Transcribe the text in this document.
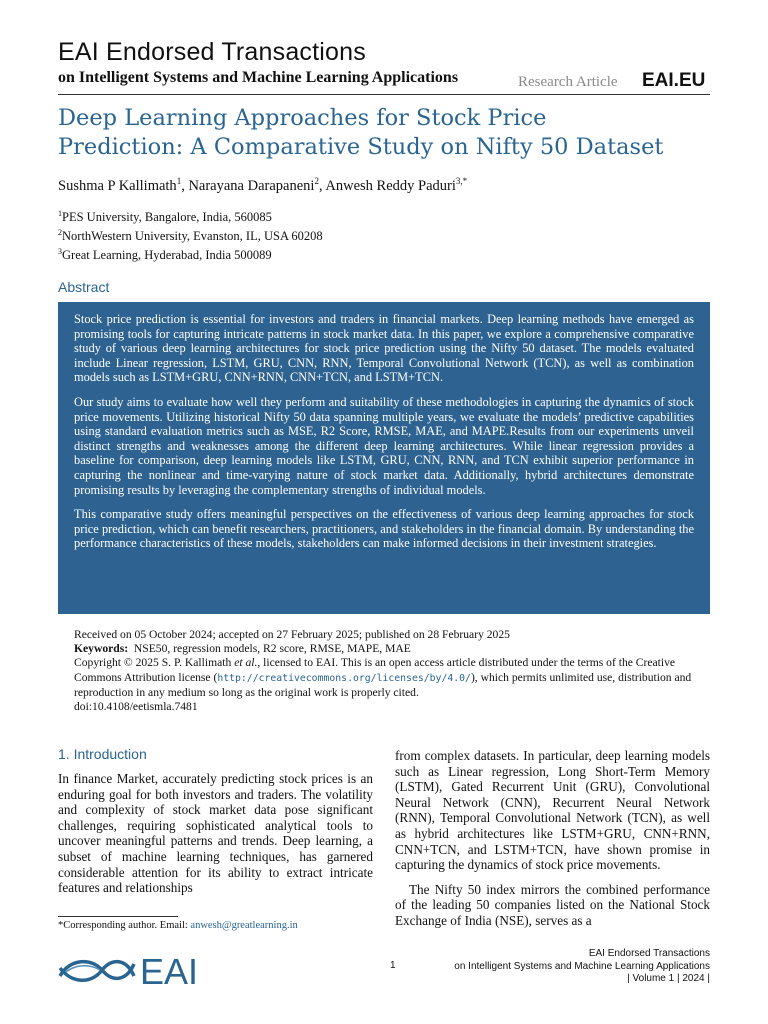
EAI Endorsed Transactions
on Intelligent Systems and Machine Learning Applications	Research Article EAI.EU
Deep Learning Approaches for Stock Price
Prediction: A Comparative Study on Nifty 50 Dataset
Sushma P Kallimath$^1$, Narayana Darapaneni$^2$, Anwesh Reddy Paduri$^{3,*}$
$^1$PES University, Bangalore, India, 560085
$^2$NorthWestern University, Evanston, IL, USA 60208
$^3$Great Learning, Hyderabad, India 500089
Abstract

Stock price prediction is essential for investors and traders in financial markets. Deep learning methods have emerged as promising tools for capturing intricate patterns in stock market data. In this paper, we explore a comprehensive comparative study of various deep learning architectures for stock price prediction using the Nifty 50 dataset. The models evaluated include Linear regression, LSTM, GRU, CNN, RNN, Temporal Convolutional Network (TCN), as well as combination models such as LSTM+GRU, CNN+RNN, CNN+TCN, and LSTM+TCN.

Our study aims to evaluate how well they perform and suitability of these methodologies in capturing the dynamics of stock price movements. Utilizing historical Nifty 50 data spanning multiple years, we evaluate the models’ predictive capabilities using standard evaluation metrics such as MSE, R2 Score, RMSE, MAE, and MAPE.Results from our experiments unveil distinct strengths and weaknesses among the different deep learning architectures. While linear regression provides a baseline for comparison, deep learning models like LSTM, GRU, CNN, RNN, and TCN exhibit superior performance in capturing the nonlinear and time-varying nature of stock market data. Additionally, hybrid architectures demonstrate promising results by leveraging the complementary strengths of individual models.

This comparative study offers meaningful perspectives on the effectiveness of various deep learning approaches for stock price prediction, which can benefit researchers, practitioners, and stakeholders in the financial domain. By understanding the performance characteristics of these models, stakeholders can make informed decisions in their investment strategies.

Received on 05 October 2024; accepted on 27 February 2025; published on 28 February 2025
Keywords: NSE50, regression models, R2 score, RMSE, MAPE, MAE
Copyright © 2025 S. P. Kallimath et al., licensed to EAI. This is an open access article distributed under the terms of the Creative Commons Attribution license (http://creativecommons.org/licenses/by/4.0/), which permits unlimited use, distribution and reproduction in any medium so long as the original work is properly cited.
doi:10.4108/eetismla.7481
1. Introduction

In finance Market, accurately predicting stock prices is an enduring goal for both investors and traders. The volatility and complexity of stock market data pose significant challenges, requiring sophisticated analytical tools to uncover meaningful patterns and trends. Deep learning, a subset of machine learning techniques, has garnered considerable attention for its ability to extract intricate features and relationships

from complex datasets. In particular, deep learning models such as Linear regression, Long Short-Term Memory (LSTM), Gated Recurrent Unit (GRU), Convolutional Neural Network (CNN), Recurrent Neural Network (RNN), Temporal Convolutional Network (TCN), as well as hybrid architectures like LSTM+GRU, CNN+RNN, CNN+TCN, and LSTM+TCN, have shown promise in capturing the dynamics of stock price movements.

The Nifty 50 index mirrors the combined performance of the leading 50 companies listed on the National Stock Exchange of India (NSE), serves as a

*Corresponding author. Email: anwesh@greatlearning.in
EAI	1
EAI Endorsed Transactions
on Intelligent Systems and Machine Learning Applications
| Volume 1 | 2024 |
